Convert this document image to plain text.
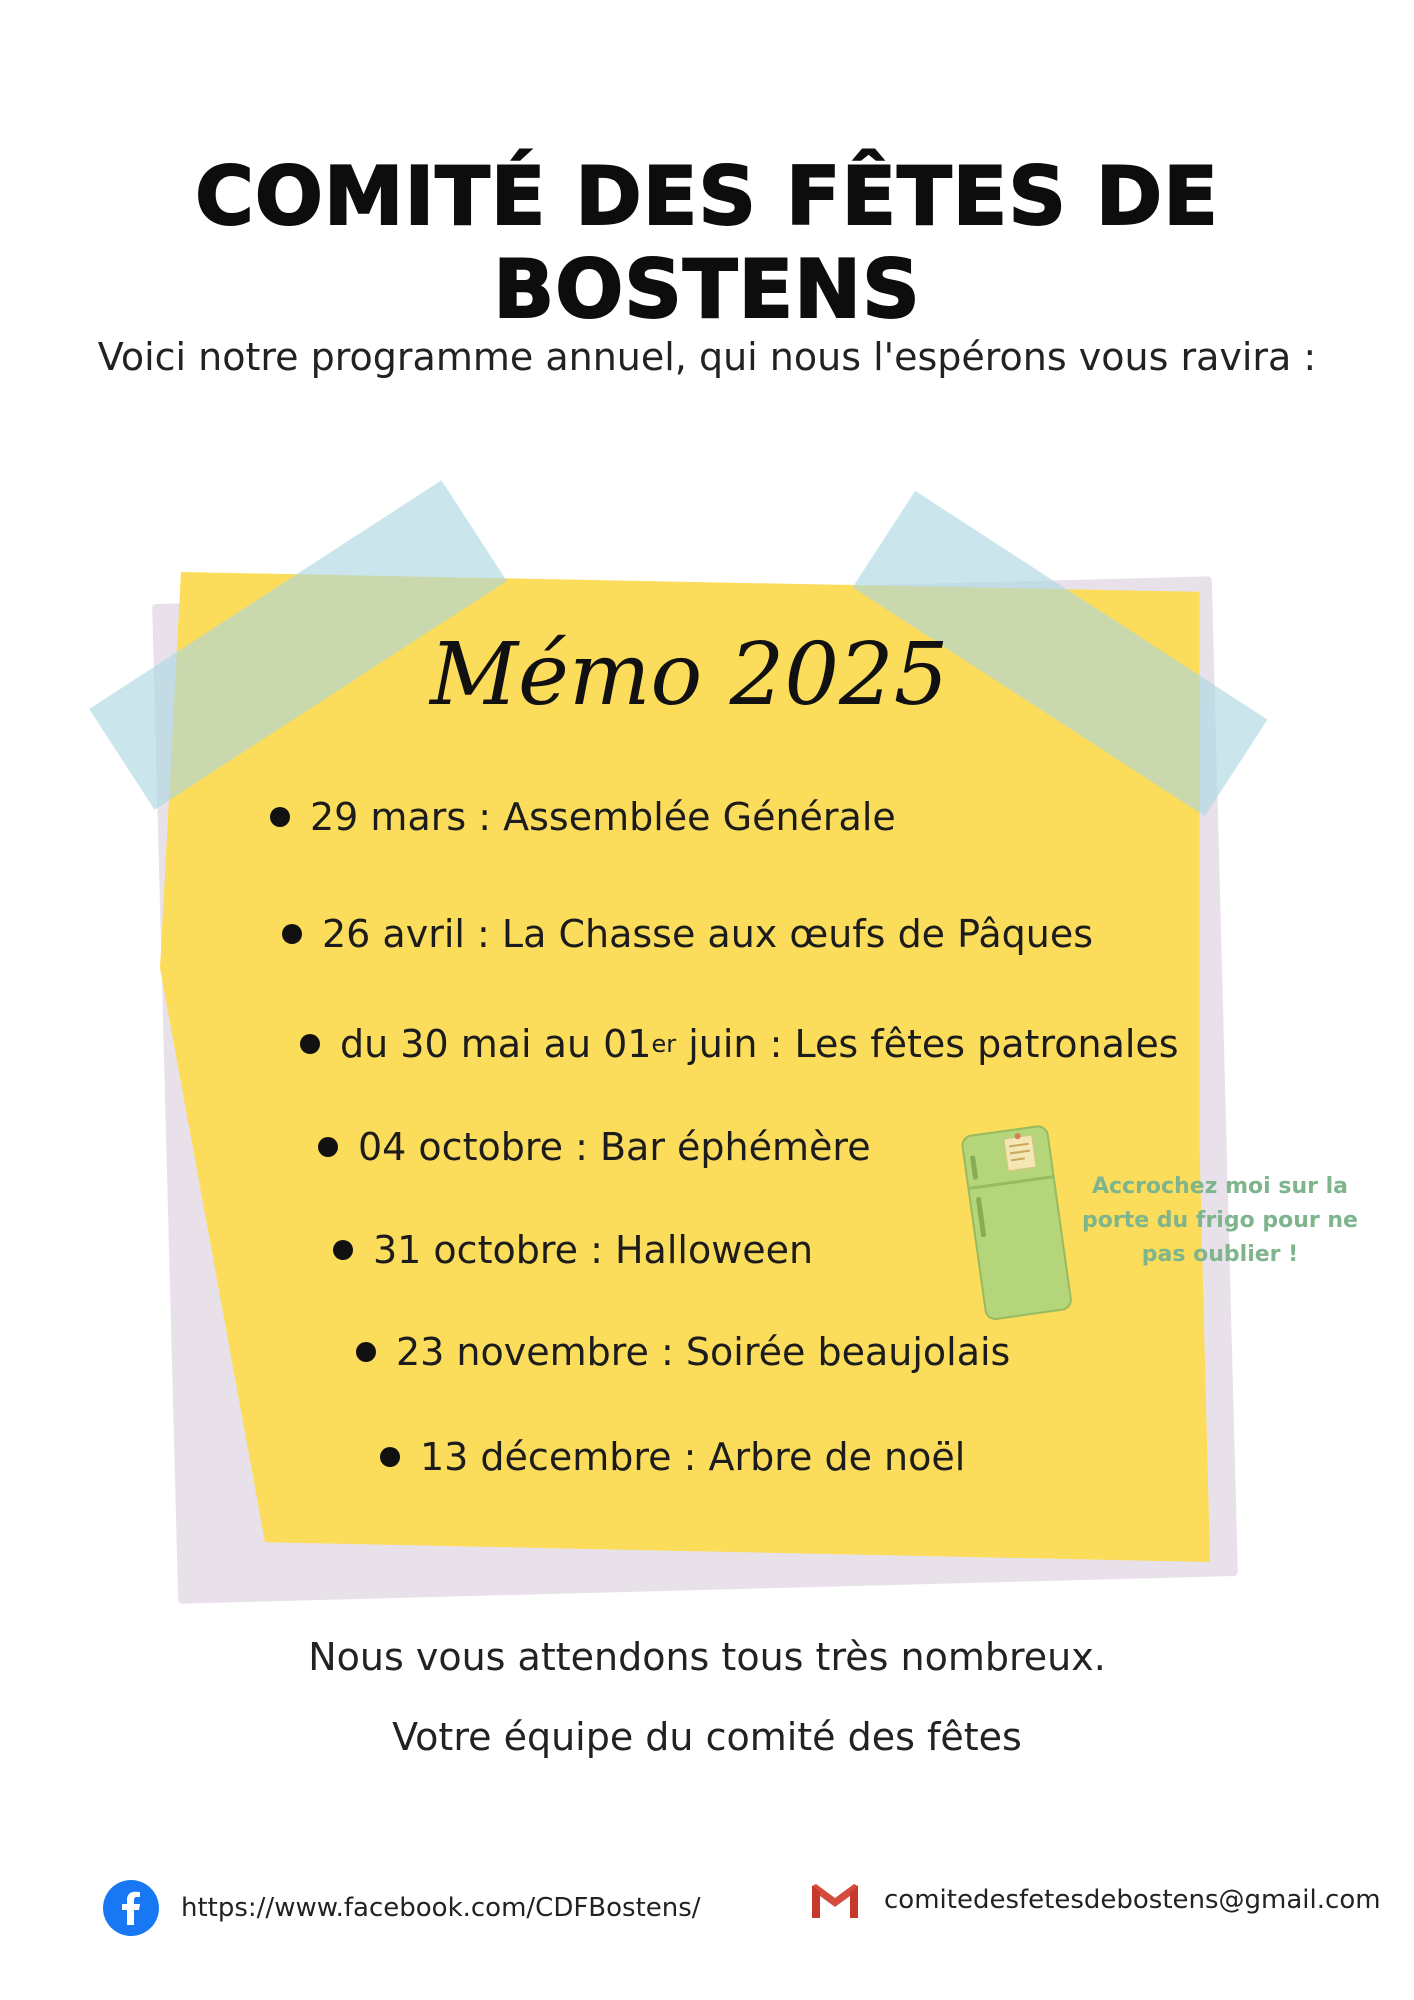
COMITÉ DES FÊTES DE BOSTENS
Voici notre programme annuel, qui nous l'espérons vous ravira :
Mémo 2025
29 mars : Assemblée Générale
26 avril : La Chasse aux œufs de Pâques
du 30 mai au 01 er
juin : Les fêtes patronales
04 octobre : Bar éphémère
31 octobre : Halloween
23 novembre : Soirée beaujolais
13 décembre : Arbre de noël
Accrochez moi sur la porte du frigo pour ne pas oublier !
Nous vous attendons tous très nombreux.
Votre équipe du comité des fêtes
https://www.facebook.com/CDFBostens/	comitedesfetesdebostens@gmail.com
